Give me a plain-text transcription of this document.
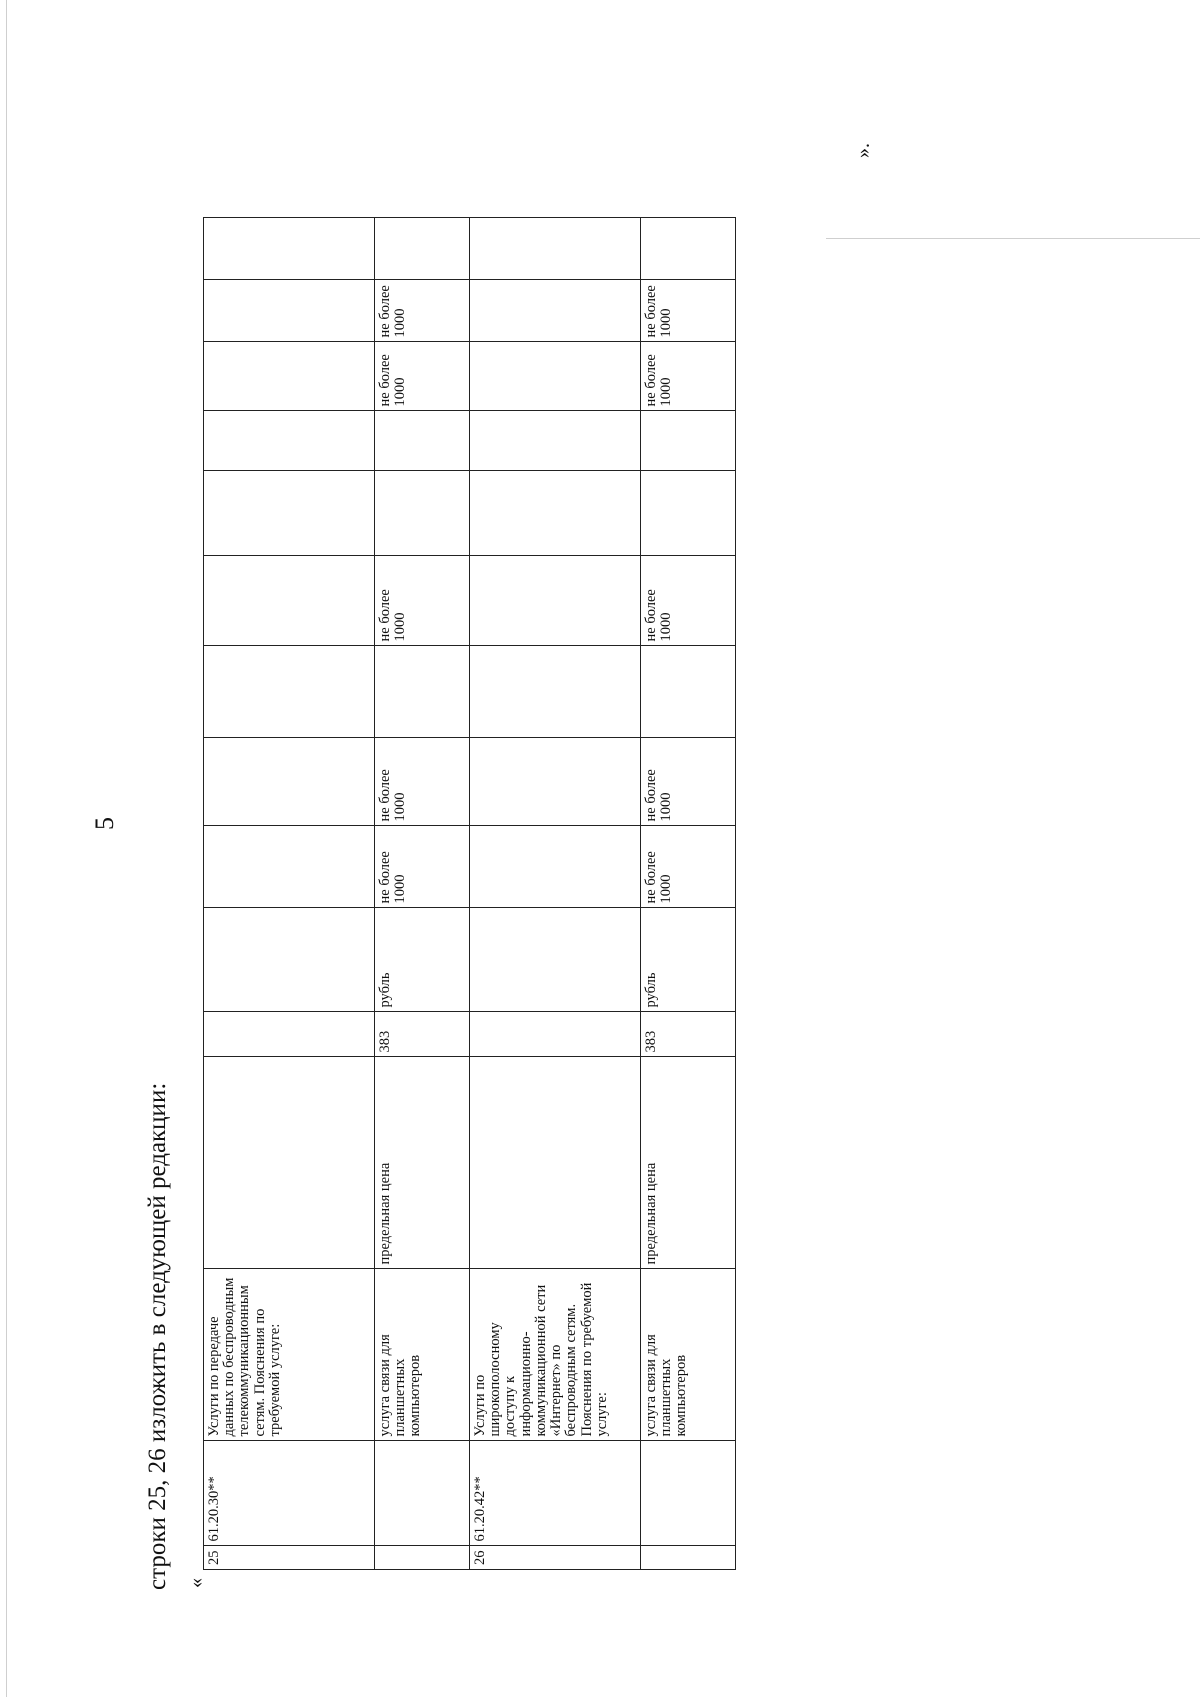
5
строки 25, 26 изложить в следующей редакции: «
25	61.20.30**	Услуги по передаче данных по беспроводным телекоммуникационным сетям. Пояснения по требуемой услуге:												
		услуга связи для планшетных компьютеров	предельная цена	383	рубль	не более 1000	не более 1000		не более 1000			не более 1000	не более 1000	
26	61.20.42**	Услуги по широкополосному доступу к информационно-коммуникационной сети «Интернет» по беспроводным сетям. Пояснения по требуемой услуге:												
		услуга связи для планшетных компьютеров	предельная цена	383	рубль	не более 1000	не более 1000		не более 1000			не более 1000	не более 1000	
».
